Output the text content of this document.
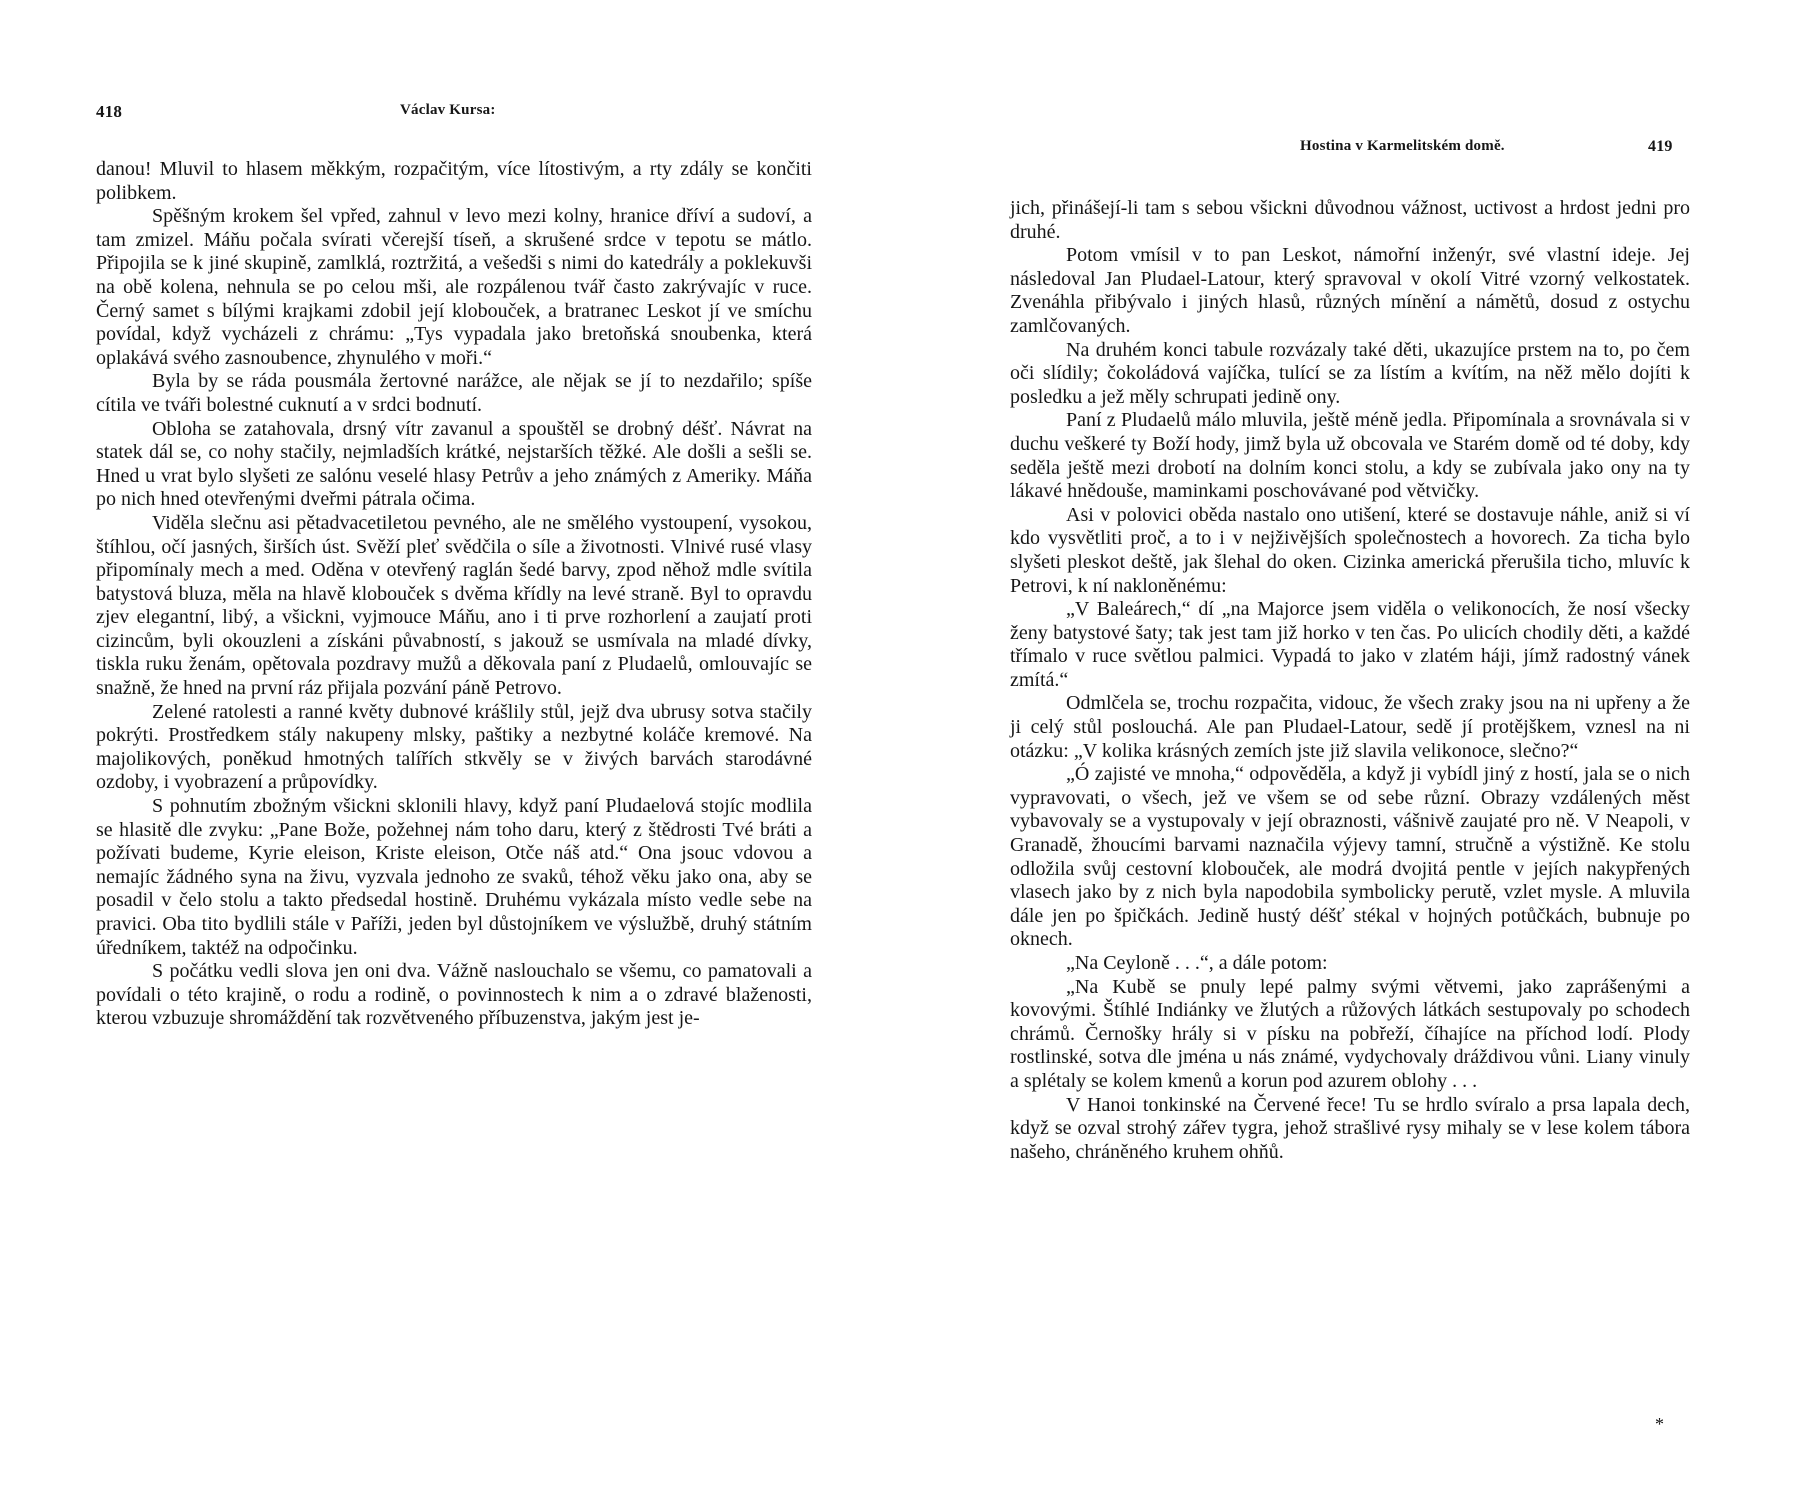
418	Václav Kursa:

danou! Mluvil to hlasem měkkým, rozpačitým, více lítostivým, a rty zdály se končiti polibkem.

Spěšným krokem šel vpřed, zahnul v levo mezi kolny, hranice dříví a sudoví, a tam zmizel. Máňu počala svírati včerejší tíseň, a skrušené srdce v tepotu se mátlo. Připojila se k jiné skupině, zamlklá, roztržitá, a vešedši s nimi do katedrály a poklekuvši na obě kolena, nehnula se po celou mši, ale rozpálenou tvář často zakrývajíc v ruce. Černý samet s bílými krajkami zdobil její klobouček, a bratranec Leskot jí ve smíchu povídal, když vycházeli z chrámu: „Tys vypadala jako bretoňská snoubenka, která oplakává svého zasnoubence, zhynulého v moři.“

Byla by se ráda pousmála žertovné narážce, ale nějak se jí to nezdařilo; spíše cítila ve tváři bolestné cuknutí a v srdci bodnutí.

Obloha se zatahovala, drsný vítr zavanul a spouštěl se drobný déšť. Návrat na statek dál se, co nohy stačily, nejmladších krátké, nejstarších těžké. Ale došli a sešli se. Hned u vrat bylo slyšeti ze salónu veselé hlasy Petrův a jeho známých z Ameriky. Máňa po nich hned otevřenými dveřmi pátrala očima.

Viděla slečnu asi pětadvacetiletou pevného, ale ne smělého vystoupení, vysokou, štíhlou, očí jasných, širších úst. Svěží pleť svědčila o síle a životnosti. Vlnivé rusé vlasy připomínaly mech a med. Oděna v otevřený raglán šedé barvy, zpod něhož mdle svítila batystová bluza, měla na hlavě klobouček s dvěma křídly na levé straně. Byl to opravdu zjev elegantní, libý, a všickni, vyjmouce Máňu, ano i ti prve rozhorlení a zaujatí proti cizincům, byli okouzleni a získáni půvabností, s jakouž se usmívala na mladé dívky, tiskla ruku ženám, opětovala pozdravy mužů a děkovala paní z Pludaelů, omlouvajíc se snažně, že hned na první ráz přijala pozvání páně Petrovo.

Zelené ratolesti a ranné květy dubnové krášlily stůl, jejž dva ubrusy sotva stačily pokrýti. Prostředkem stály nakupeny mlsky, paštiky a nezbytné koláče kremové. Na majolikových, poněkud hmotných talířích stkvěly se v živých barvách starodávné ozdoby, i vyobrazení a průpovídky.

S pohnutím zbožným všickni sklonili hlavy, když paní Pludaelová stojíc modlila se hlasitě dle zvyku: „Pane Bože, požehnej nám toho daru, který z štědrosti Tvé bráti a požívati budeme, Kyrie eleison, Kriste eleison, Otče náš atd.“ Ona jsouc vdovou a nemajíc žádného syna na živu, vyzvala jednoho ze svaků, téhož věku jako ona, aby se posadil v čelo stolu a takto předsedal hostině. Druhému vykázala místo vedle sebe na pravici. Oba tito bydlili stále v Paříži, jeden byl důstojníkem ve výslužbě, druhý státním úředníkem, taktéž na odpočinku.

S počátku vedli slova jen oni dva. Vážně naslouchalo se všemu, co pamatovali a povídali o této krajině, o rodu a rodině, o povinnostech k nim a o zdravé blaženosti, kterou vzbuzuje shromáždění tak rozvětveného příbuzenstva, jakým jest je-

Hostina v Karmelitském domě.	419

jich, přinášejí-li tam s sebou všickni důvodnou vážnost, uctivost a hrdost jedni pro druhé.

Potom vmísil v to pan Leskot, námořní inženýr, své vlastní ideje. Jej následoval Jan Pludael-Latour, který spravoval v okolí Vitré vzorný velkostatek. Zvenáhla přibývalo i jiných hlasů, různých mínění a námětů, dosud z ostychu zamlčovaných.

Na druhém konci tabule rozvázaly také děti, ukazujíce prstem na to, po čem oči slídily; čokoládová vajíčka, tulící se za lístím a kvítím, na něž mělo dojíti k posledku a jež měly schrupati jedině ony.

Paní z Pludaelů málo mluvila, ještě méně jedla. Připomínala a srovnávala si v duchu veškeré ty Boží hody, jimž byla už obcovala ve Starém domě od té doby, kdy seděla ještě mezi drobotí na dolním konci stolu, a kdy se zubívala jako ony na ty lákavé hnědouše, maminkami poschovávané pod větvičky.

Asi v polovici oběda nastalo ono utišení, které se dostavuje náhle, aniž si ví kdo vysvětliti proč, a to i v nejživějších společnostech a hovorech. Za ticha bylo slyšeti pleskot deště, jak šlehal do oken. Cizinka americká přerušila ticho, mluvíc k Petrovi, k ní nakloněnému:

„V Baleárech,“ dí „na Majorce jsem viděla o velikonocích, že nosí všecky ženy batystové šaty; tak jest tam již horko v ten čas. Po ulicích chodily děti, a každé třímalo v ruce světlou palmici. Vypadá to jako v zlatém háji, jímž radostný vánek zmítá.“

Odmlčela se, trochu rozpačita, vidouc, že všech zraky jsou na ni upřeny a že ji celý stůl poslouchá. Ale pan Pludael-Latour, sedě jí protějškem, vznesl na ni otázku: „V kolika krásných zemích jste již slavila velikonoce, slečno?“

„Ó zajisté ve mnoha,“ odpověděla, a když ji vybídl jiný z hostí, jala se o nich vypravovati, o všech, jež ve všem se od sebe různí. Obrazy vzdálených měst vybavovaly se a vystupovaly v její obraznosti, vášnivě zaujaté pro ně. V Neapoli, v Granadě, žhoucími barvami naznačila výjevy tamní, stručně a výstižně. Ke stolu odložila svůj cestovní klobouček, ale modrá dvojitá pentle v jejích nakypřených vlasech jako by z nich byla napodobila symbolicky perutě, vzlet mysle. A mluvila dále jen po špičkách. Jedině hustý déšť stékal v hojných potůčkách, bubnuje po oknech.

„Na Ceyloně . . .“, a dále potom:

„Na Kubě se pnuly lepé palmy svými větvemi, jako zaprášenými a kovovými. Štíhlé Indiánky ve žlutých a růžových látkách sestupovaly po schodech chrámů. Černošky hrály si v písku na pobřeží, číhajíce na příchod lodí. Plody rostlinské, sotva dle jména u nás známé, vydychovaly dráždivou vůni. Liany vinuly a splétaly se kolem kmenů a korun pod azurem oblohy . . .

V Hanoi tonkinské na Červené řece! Tu se hrdlo svíralo a prsa lapala dech, když se ozval strohý zářev tygra, jehož strašlivé rysy mihaly se v lese kolem tábora našeho, chráněného kruhem ohňů.

*
